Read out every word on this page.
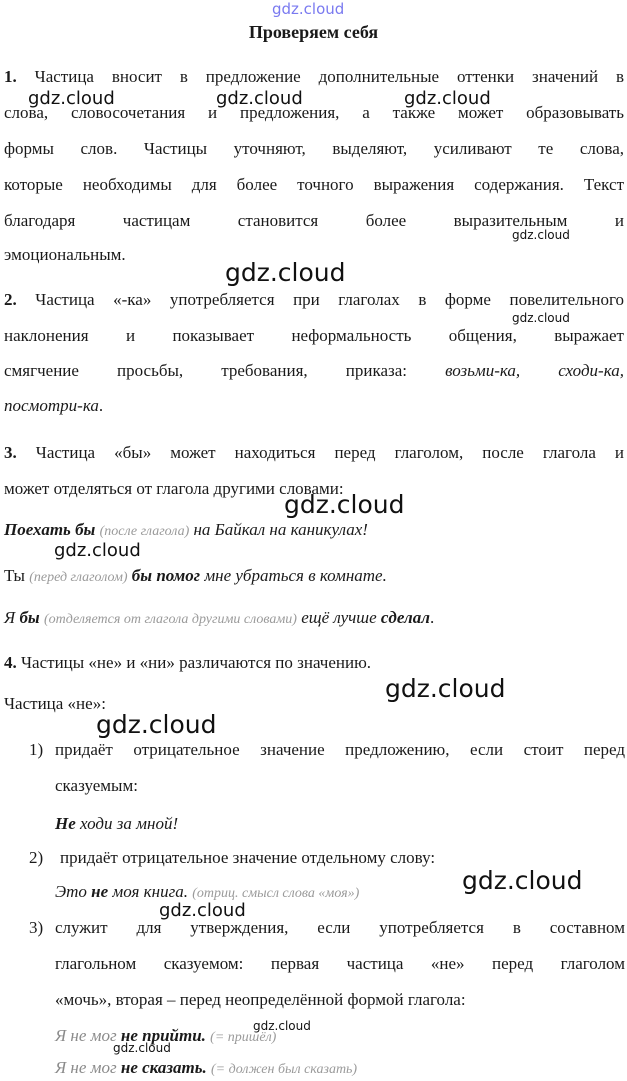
gdz.cloud
Проверяем себя
1. Частица вносит в предложение дополнительные оттенки значений в
слова, словосочетания и предложения, а также может образовывать
формы слов. Частицы уточняют, выделяют, усиливают те слова,
которые необходимы для более точного выражения содержания. Текст
благодаря частицам становится более выразительным и
эмоциональным.
2. Частица «-ка» употребляется при глаголах в форме повелительного
наклонения и показывает неформальность общения, выражает
смягчение просьбы, требования, приказа: возьми-ка, сходи-ка,
посмотри-ка.
3. Частица «бы» может находиться перед глаголом, после глагола и
может отделяться от глагола другими словами:
Поехать бы (после глагола) на Байкал на каникулах!
Ты (перед глаголом) бы помог мне убраться в комнате.
Я бы (отделяется от глагола другими словами) ещё лучше сделал.
4. Частицы «не» и «ни» различаются по значению.
Частица «не»:
1) придаёт отрицательное значение предложению, если стоит перед
сказуемым:
Не ходи за мной!
2) придаёт отрицательное значение отдельному слову:
Это не моя книга. (отриц. смысл слова «моя»)
3) служит для утверждения, если употребляется в составном
глагольном сказуемом: первая частица «не» перед глаголом
«мочь», вторая – перед неопределённой формой глагола:
Я не мог не прийти. (= пришёл)
Я не мог не сказать. (= должен был сказать)
gdz.cloud	gdz.cloud	gdz.cloud
gdz.cloud
gdz.cloud
gdz.cloud
gdz.cloud
gdz.cloud
gdz.cloud
gdz.cloud
gdz.cloud
gdz.cloud
gdz.cloud
gdz.cloud
